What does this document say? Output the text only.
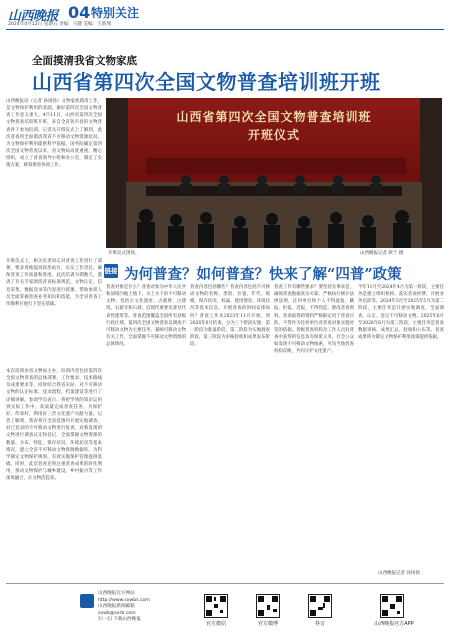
山西晚报 04 特别关注
2024年4月12日 星期五 责编：马健 美编：王新翔
全面摸清我省文物家底
山西省第四次全国文物普查培训班开班
山西晚报讯（记者 孙扬扬）文物家底摸清工作，是文物保护利用的基础，做好第四次全国文物普查工作意义重大。4月11日，山西省第四次全国文物普查培训班开班，来自全省各市县的文物普查骨干参加培训。记者从开班仪式上了解到，此次普查将全面摸清我省不可移动文物资源状况，为文物保护利用提供科学依据。国务院确定第四次全国文物普查以来，省文物局高度重视，精心组织，成立了普查领导小组和办公室，制定了实施方案，统筹推进各项工作。
开班仪式上，相关负责同志对普查工作进行了部署，要求各地提高政治站位，压实工作责任，确保普查工作质量和进度。此次培训为期数天，邀请了有关专家围绕普查标准规范、文物认定、信息采集、数据登录等内容进行授课，帮助参训人员全面掌握普查业务知识和技能，为全省普查工作顺利开展打下坚实基础。
本次培训由省文物局主办，培训内容包括第四次全国文物普查的总体部署、工作要求、技术路线及成果要求等，同时结合我省实际，对不可移动文物的认定标准、登录流程、档案建设等进行了详细讲解。参训学员表示，将把学到的知识运用到实际工作中，高质量完成普查任务，为保护好、传承好、利用好三晋文化遗产贡献力量。记者了解到，我省将在全省范围内开展实地调查，对已登录的不可移动文物进行复查，对新发现的文物进行调查认定和登记，全面掌握文物资源的数量、分布、特征、保存状况、环境状况等基本情况，建立全省不可移动文物资源数据库，为科学制定文物保护规划、有效实施保护管理提供基础。同时，此次普查还将注重普查成果的转化利用，推动文物保护与城乡建设、乡村振兴等工作深度融合，让文物活起来。
山西省第四次全国文物普查培训班
开班仪式
开班仪式现场。	山西晚报记者 耿宁 摄
链接 为何普查？如何普查？快来了解“四普”政策
普查对象是什么？普查对象为中华人民共和国境内地上地下、水上水下的不可移动文物，包括古文化遗址、古墓葬、古建筑、石窟寺和石刻、近现代重要史迹及代表性建筑等。普查范围覆盖全国所有县级行政区域。第四次全国文物普查以调查不可移动文物为主要任务，兼顾可移动文物有关工作，全面掌握不可移动文物资源的总体情况。
普查内容包括哪些？普查内容包括不可移动文物的名称、类别、位置、年代、规模、保存状况、权属、使用情况、环境状况等基本信息。开展普查的时间安排如何？普查工作从2023年11月开始，到2026年6月结束，分为三个阶段实施：第一阶段为准备阶段，第二阶段为实地调查阶段，第三阶段为审核验收和成果发布阶段。
普查工作有哪些要求？要坚持实事求是，确保普查数据真实可靠；严格执行统计法律法规，任何单位和个人不得虚报、瞒报、拒报、迟报，不得伪造、篡改普查资料。普查取得的资料严格限定用于普查目的，不得作为任何单位对普查对象实施处罚的依据。各级普查机构及工作人员对普查中获得的信息负有保密义务。社会公众如发现不可移动文物线索，可向当地普查机构反映，共同守护文化遗产。
今年11月至2024年4月为第一阶段，主要任务是建立组织机构、落实普查经费、开展业务培训等。2024年5月至2025年5月为第二阶段，主要任务是开展实地调查，全面调查、认定、登记不可移动文物。2025年6月至2026年6月为第三阶段，主要任务是普查数据审核、成果汇总、验收和公布等。普查成果将为制定文物保护利用政策提供依据。
山西晚报记者 孙扬扬
山西晚报官方网站
http://www.sxwbs.com
山西晚报新闻邮箱
sxwb@sxrb.com
扫一扫 下载山西晚报
官方微信	官方微博	抖音	山西晚报官方APP
